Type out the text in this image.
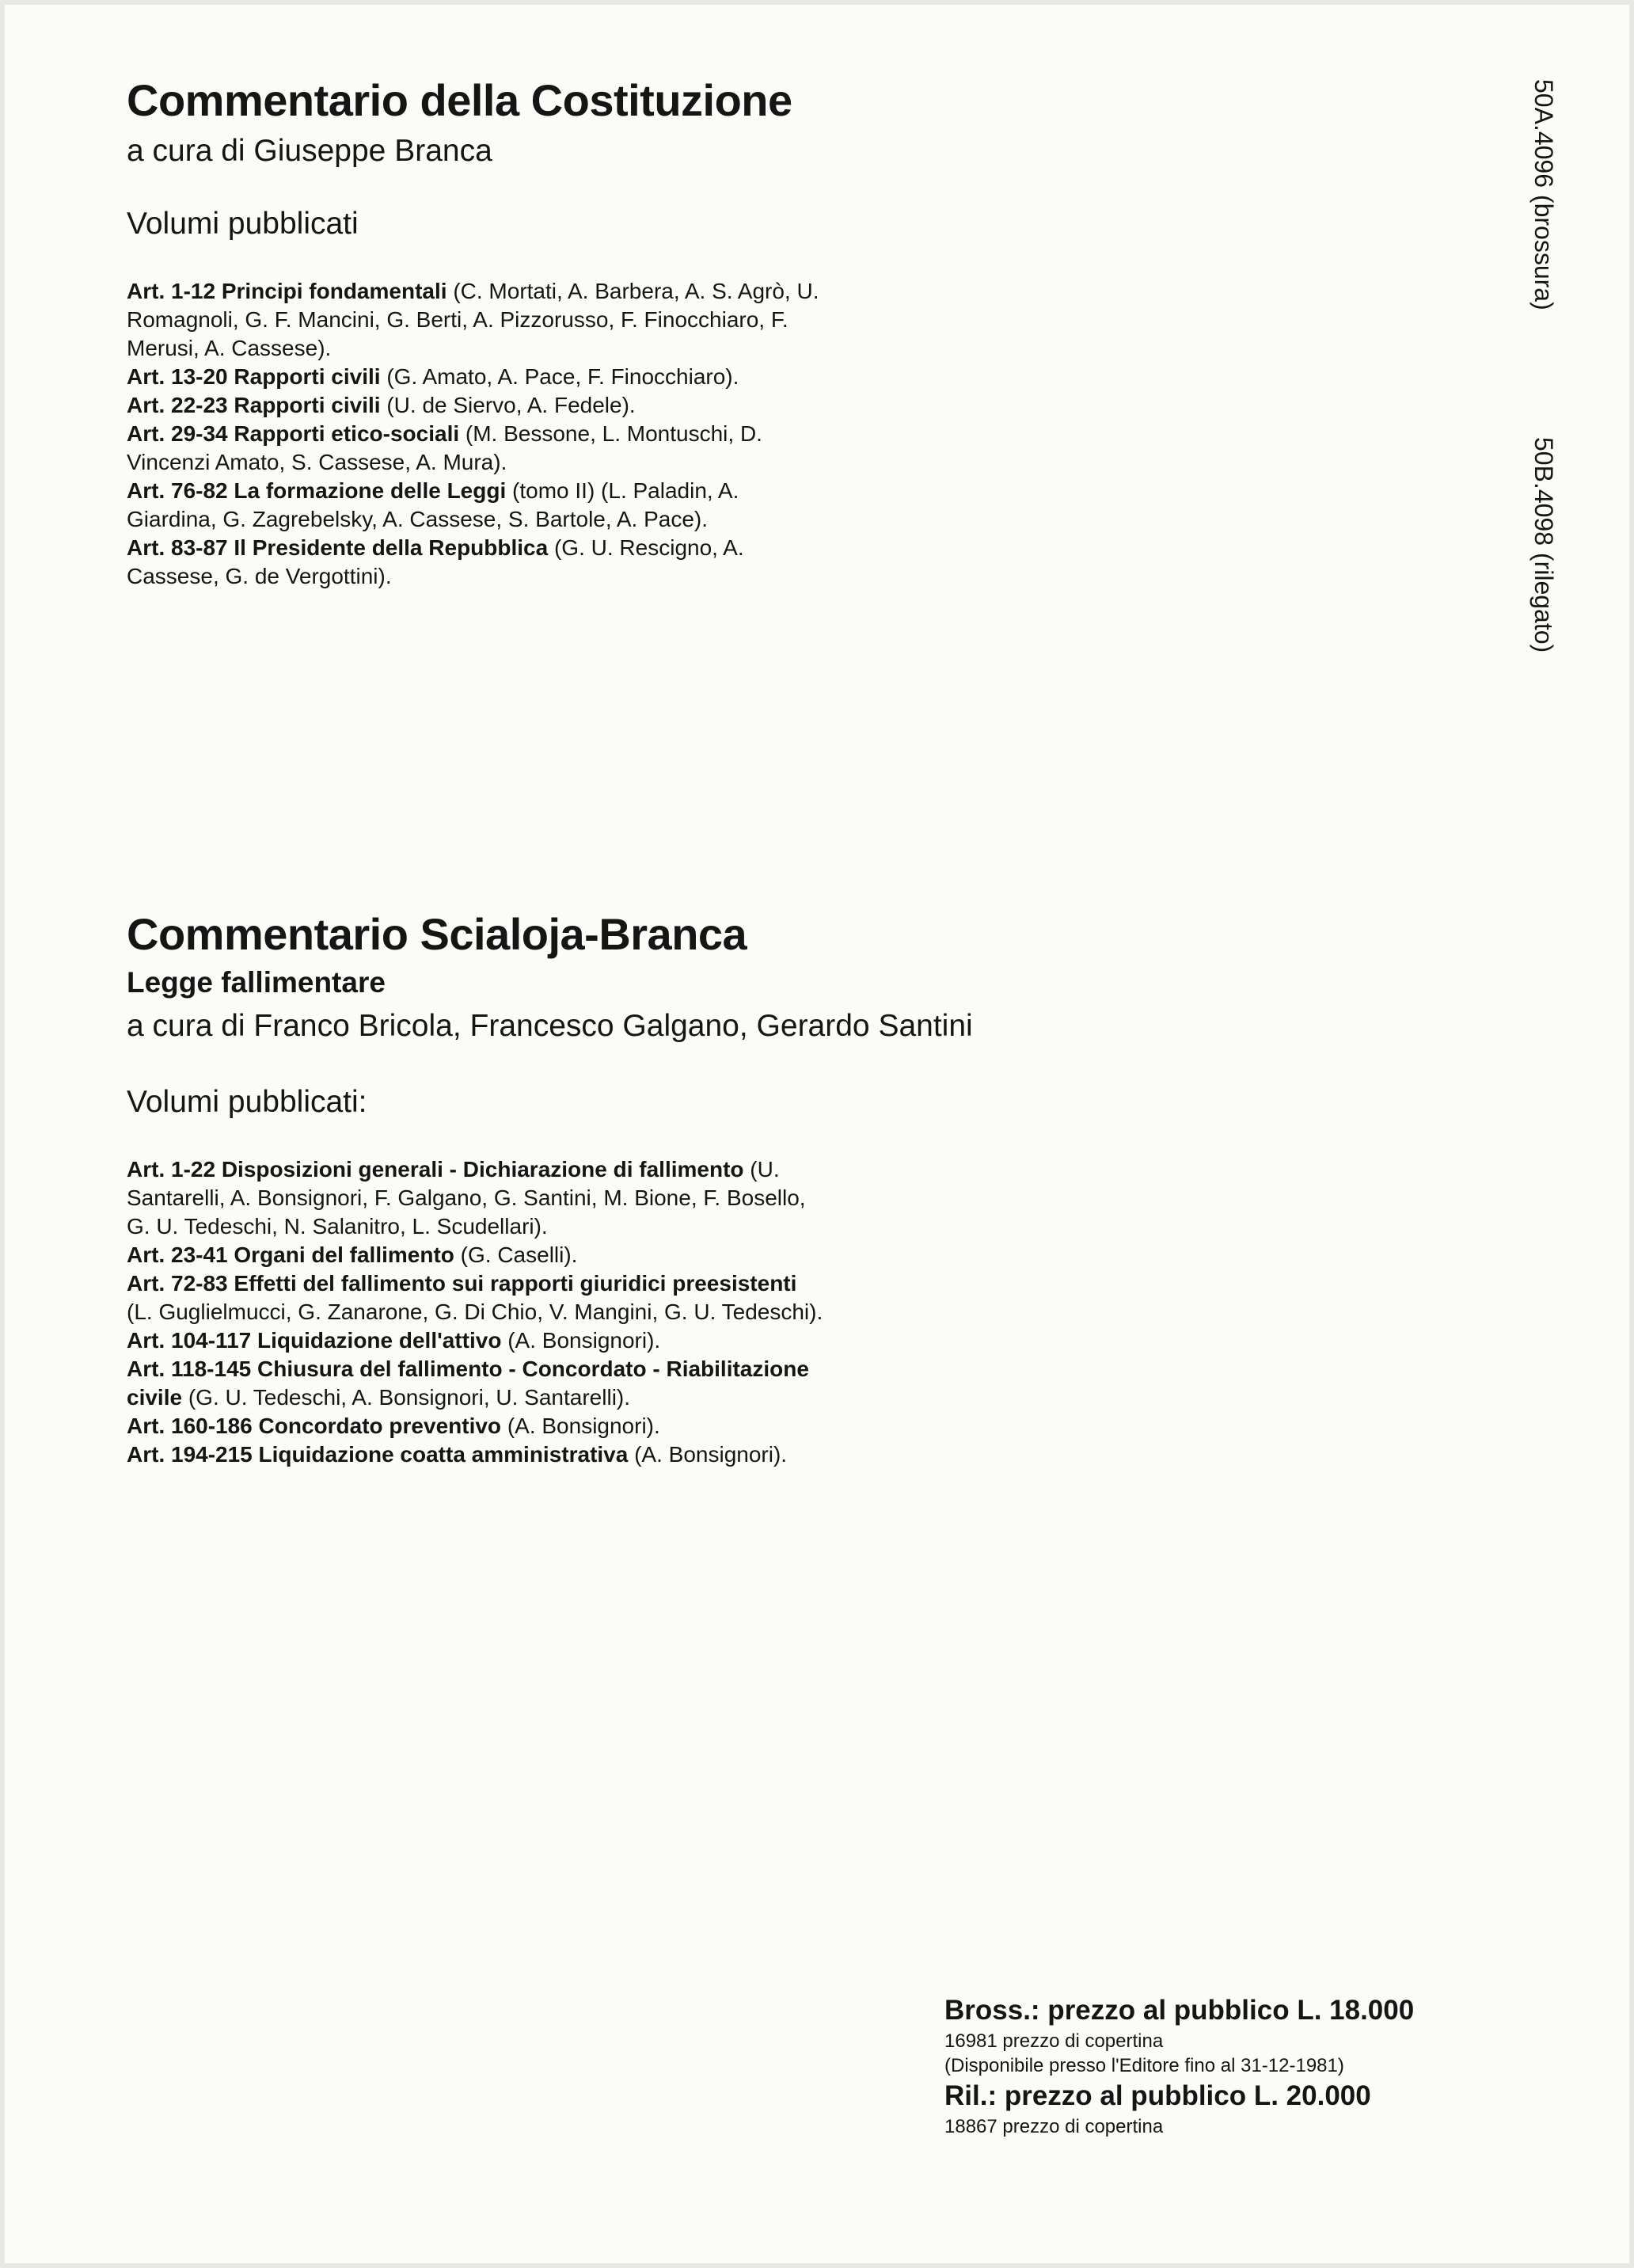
Commentario della Costituzione

a cura di Giuseppe Branca

Volumi pubblicati

Art. 1-12 Principi fondamentali (C. Mortati, A. Barbera, A. S. Agrò, U. Romagnoli, G. F. Mancini, G. Berti, A. Pizzorusso, F. Finocchiaro, F. Merusi, A. Cassese).

Art. 13-20 Rapporti civili (G. Amato, A. Pace, F. Finocchiaro).

Art. 22-23 Rapporti civili (U. de Siervo, A. Fedele).

Art. 29-34 Rapporti etico-sociali (M. Bessone, L. Montuschi, D. Vincenzi Amato, S. Cassese, A. Mura).

Art. 76-82 La formazione delle Leggi (tomo II) (L. Paladin, A. Giardina, G. Zagrebelsky, A. Cassese, S. Bartole, A. Pace).

Art. 83-87 Il Presidente della Repubblica (G. U. Rescigno, A. Cassese, G. de Vergottini).

Commentario Scialoja-Branca

Legge fallimentare

a cura di Franco Bricola, Francesco Galgano, Gerardo Santini

Volumi pubblicati:

Art. 1-22 Disposizioni generali - Dichiarazione di fallimento (U. Santarelli, A. Bonsignori, F. Galgano, G. Santini, M. Bione, F. Bosello, G. U. Tedeschi, N. Salanitro, L. Scudellari).

Art. 23-41 Organi del fallimento (G. Caselli).

Art. 72-83 Effetti del fallimento sui rapporti giuridici preesistenti (L. Guglielmucci, G. Zanarone, G. Di Chio, V. Mangini, G. U. Tedeschi).

Art. 104-117 Liquidazione dell'attivo (A. Bonsignori).

Art. 118-145 Chiusura del fallimento - Concordato - Riabilitazione civile (G. U. Tedeschi, A. Bonsignori, U. Santarelli).

Art. 160-186 Concordato preventivo (A. Bonsignori).

Art. 194-215 Liquidazione coatta amministrativa (A. Bonsignori).

50A.4096 (brossura)
50B.4098 (rilegato)

Bross.: prezzo al pubblico L. 18.000

16981 prezzo di copertina

(Disponibile presso l'Editore fino al 31-12-1981)

Ril.: prezzo al pubblico L. 20.000

18867 prezzo di copertina
